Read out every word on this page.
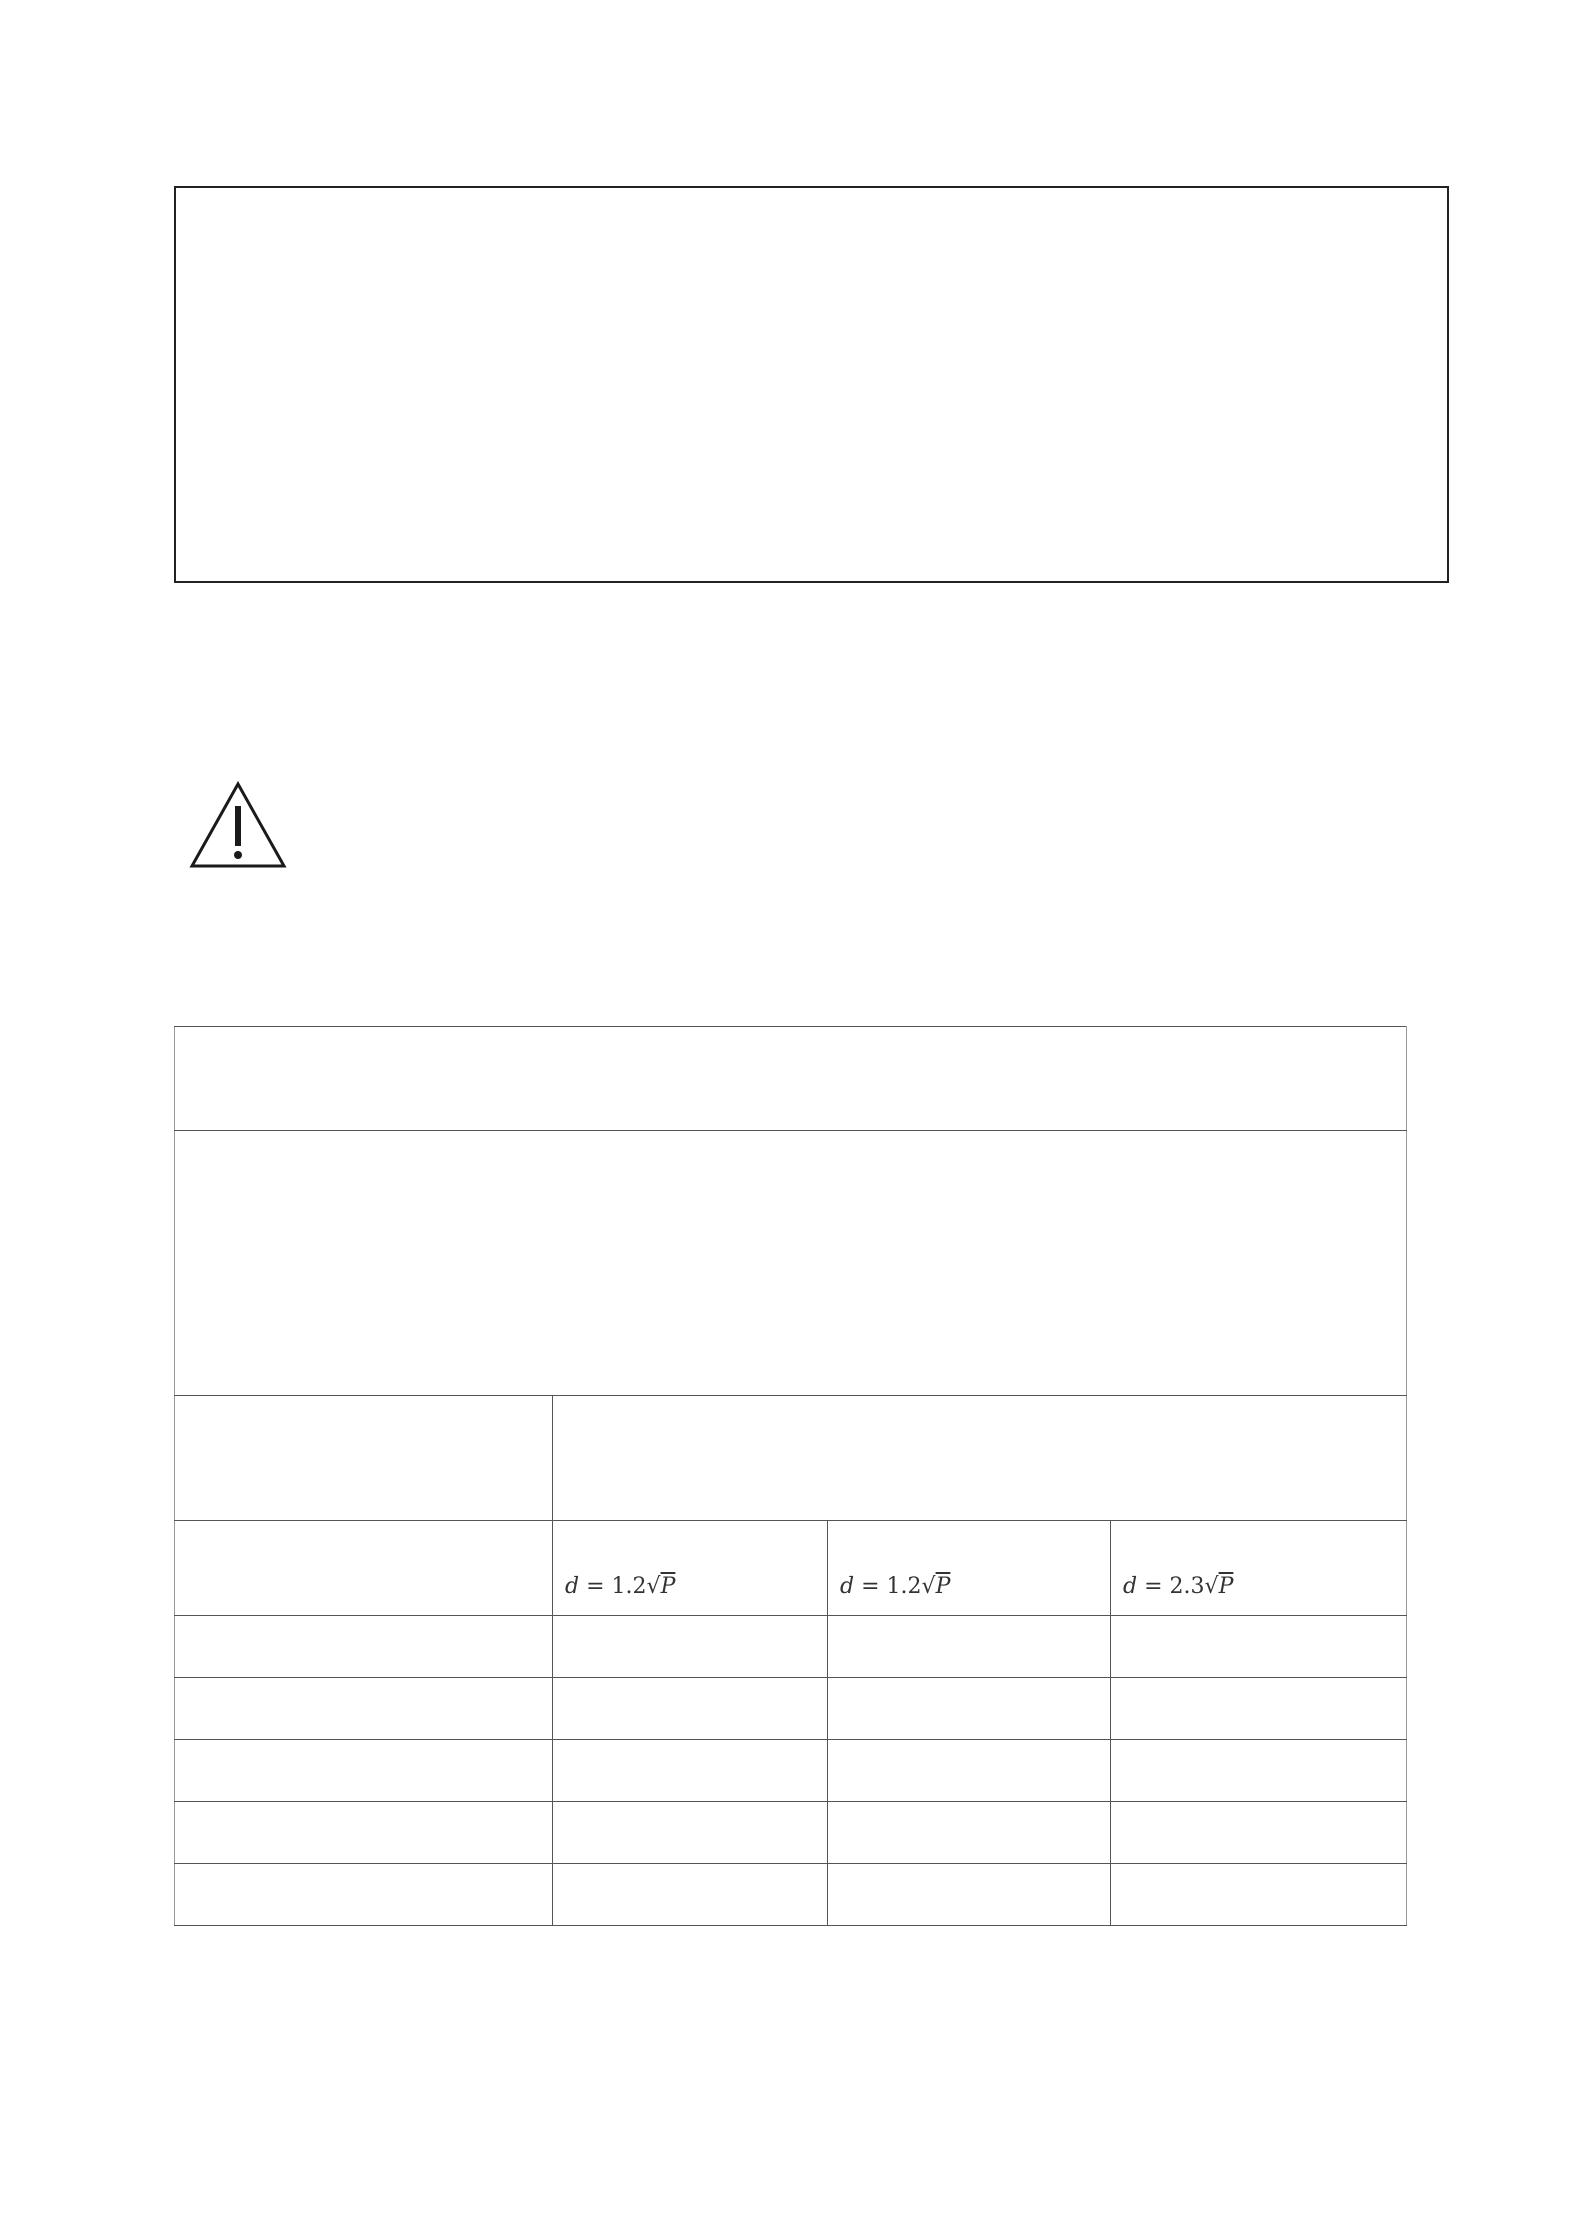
	d = 1.2√P	d = 1.2√P	d = 2.3√P
